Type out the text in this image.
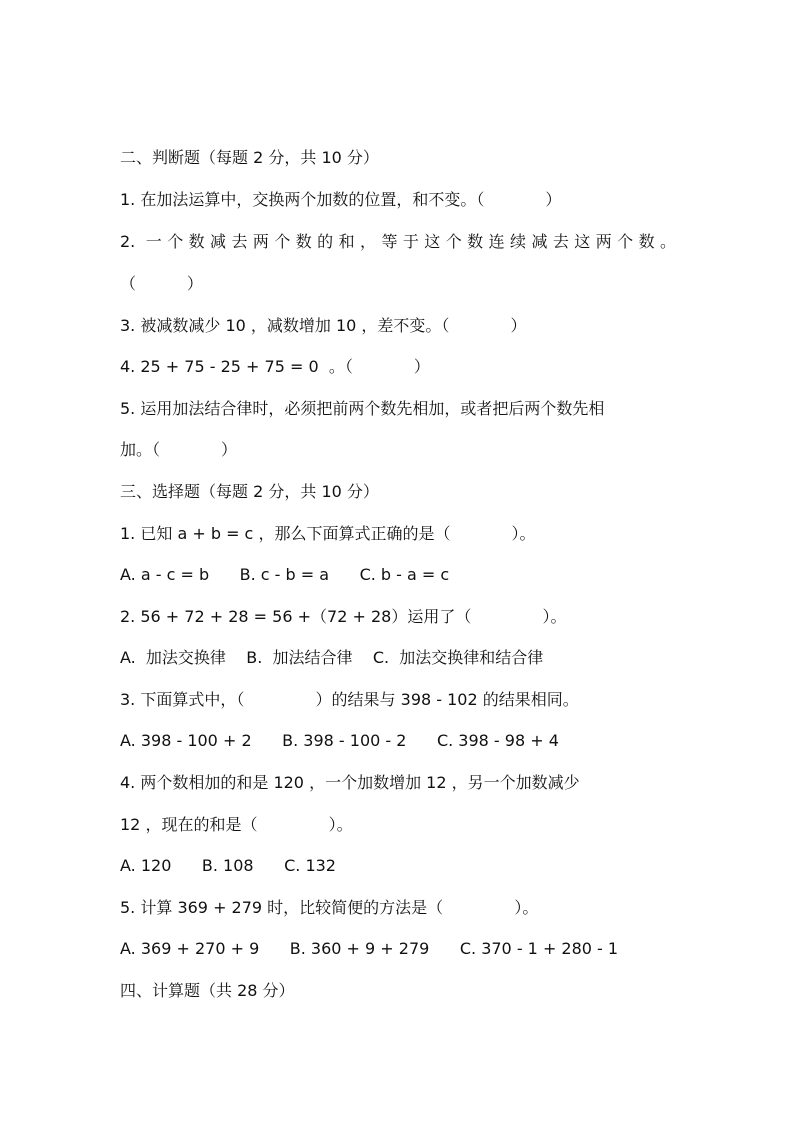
二、判断题（每题 2 分，共 10 分）
1. 在加法运算中，交换两个加数的位置，和不变。（            ）
2. 一个数减去两个数的和，等于这个数连续减去这两个数。
（          ）
3. 被减数减少 10 ，减数增加 10 ，差不变。（            ）
4. 25 + 75 - 25 + 75 = 0  。（            ）
5. 运用加法结合律时，必须把前两个数先相加，或者把后两个数先相
加。（            ）
三、选择题（每题 2 分，共 10 分）
1. 已知 a + b = c ，那么下面算式正确的是（            ）。
A. a - c = b      B. c - b = a      C. b - a = c
2. 56 + 72 + 28 = 56 +（72 + 28）运用了（              ）。
A.  加法交换律    B.  加法结合律    C.  加法交换律和结合律
3. 下面算式中，（              ）的结果与 398 - 102 的结果相同。
A. 398 - 100 + 2      B. 398 - 100 - 2      C. 398 - 98 + 4
4. 两个数相加的和是 120 ，一个加数增加 12 ，另一个加数减少
12 ，现在的和是（              ）。
A. 120      B. 108      C. 132
5. 计算 369 + 279 时，比较简便的方法是（              ）。
A. 369 + 270 + 9      B. 360 + 9 + 279      C. 370 - 1 + 280 - 1
四、计算题（共 28 分）
